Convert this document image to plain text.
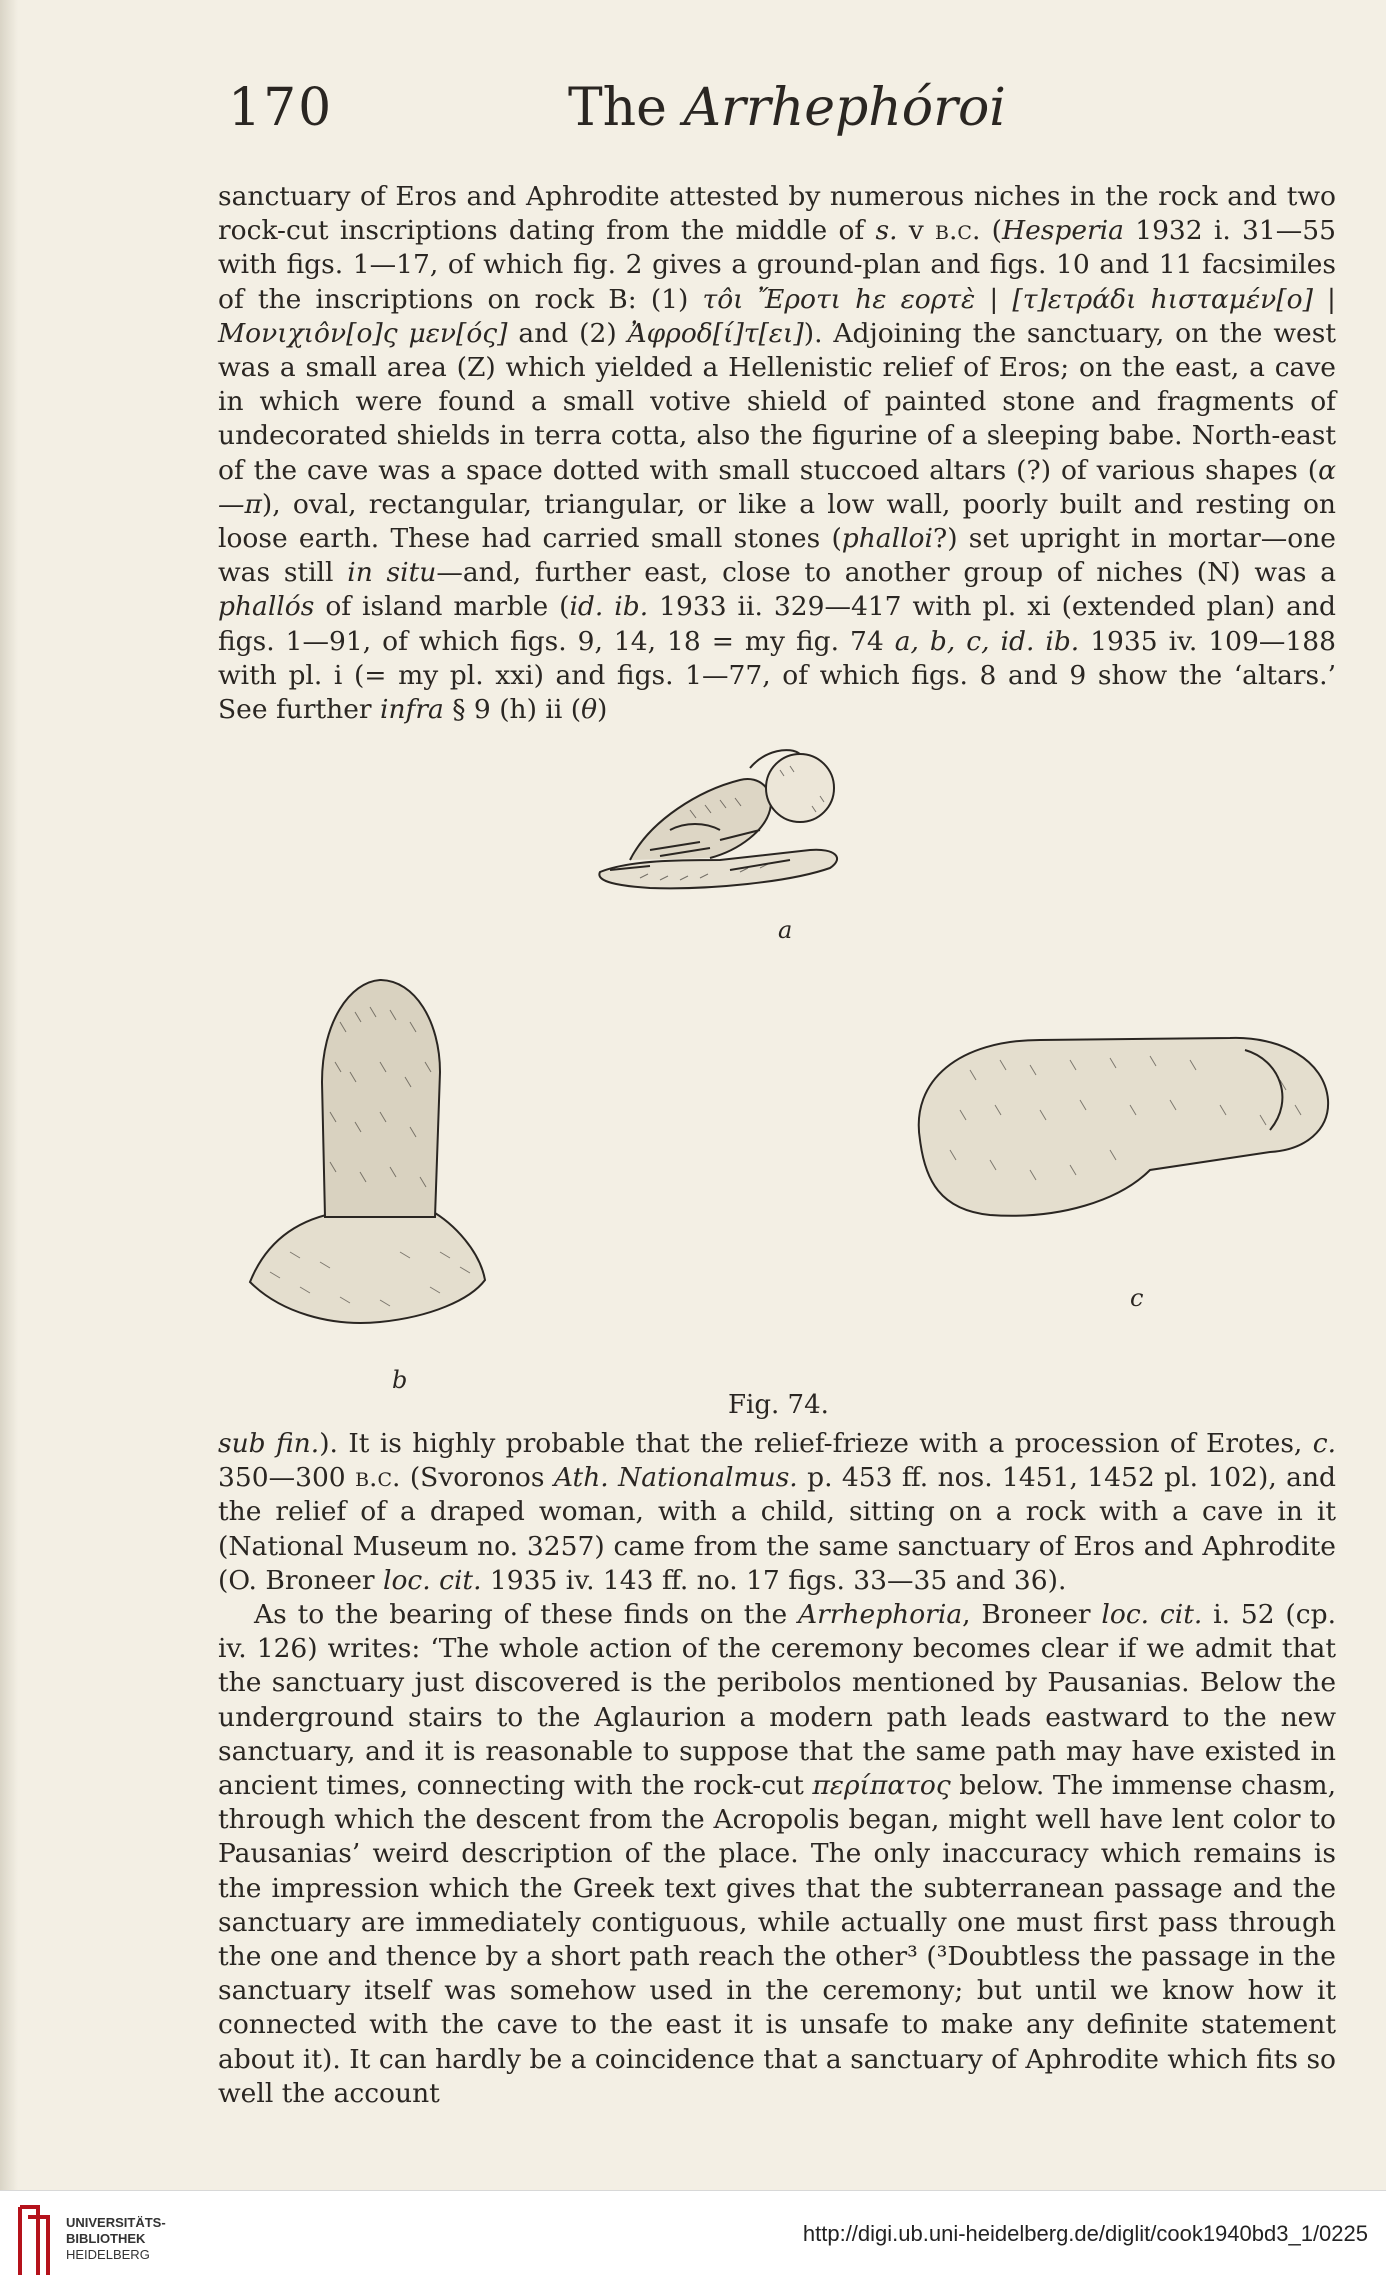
170	The Arrhephóroi

sanctuary of Eros and Aphrodite attested by numerous niches in the rock and two rock-cut inscriptions dating from the middle of s. v b.c. (Hesperia 1932 i. 31—55 with figs. 1—17, of which fig. 2 gives a ground-plan and figs. 10 and 11 facsimiles of the inscriptions on rock B: (1) τôι Ἔροτι hε εορτὲ | [τ]ετράδι hισταμέν[ο] | Μονιχιôν[ο]ς μεν[ός] and (2) Ἀφροδ[ί]τ[ει]). Adjoining the sanctuary, on the west was a small area (Z) which yielded a Hellenistic relief of Eros; on the east, a cave in which were found a small votive shield of painted stone and fragments of undecorated shields in terra cotta, also the figurine of a sleeping babe. North-east of the cave was a space dotted with small stuccoed altars (?) of various shapes (α—π), oval, rectangular, triangular, or like a low wall, poorly built and resting on loose earth. These had carried small stones (phalloi?) set upright in mortar—one was still in situ—and, further east, close to another group of niches (N) was a phallós of island marble (id. ib. 1933 ii. 329—417 with pl. xi (extended plan) and figs. 1—91, of which figs. 9, 14, 18 = my fig. 74 a, b, c, id. ib. 1935 iv. 109—188 with pl. i (= my pl. xxi) and figs. 1—77, of which figs. 8 and 9 show the ‘altars.’ See further infra § 9 (h) ii (θ)

a
b
c
Fig. 74.

sub fin.). It is highly probable that the relief-frieze with a procession of Erotes, c. 350—300 b.c. (Svoronos Ath. Nationalmus. p. 453 ff. nos. 1451, 1452 pl. 102), and the relief of a draped woman, with a child, sitting on a rock with a cave in it (National Museum no. 3257) came from the same sanctuary of Eros and Aphrodite (O. Broneer loc. cit. 1935 iv. 143 ff. no. 17 figs. 33—35 and 36).

As to the bearing of these finds on the Arrhephoria, Broneer loc. cit. i. 52 (cp. iv. 126) writes: ‘The whole action of the ceremony becomes clear if we admit that the sanctuary just discovered is the peribolos mentioned by Pausanias. Below the underground stairs to the Aglaurion a modern path leads eastward to the new sanctuary, and it is reasonable to suppose that the same path may have existed in ancient times, connecting with the rock-cut περίπατος below. The immense chasm, through which the descent from the Acropolis began, might well have lent color to Pausanias’ weird description of the place. The only inaccuracy which remains is the impression which the Greek text gives that the subterranean passage and the sanctuary are immediately contiguous, while actually one must first pass through the one and thence by a short path reach the other³ (³Doubtless the passage in the sanctuary itself was somehow used in the ceremony; but until we know how it connected with the cave to the east it is unsafe to make any definite statement about it). It can hardly be a coincidence that a sanctuary of Aphrodite which fits so well the account

UNIVERSITÄTS-
BIBLIOTHEK
HEIDELBERG
http://digi.ub.uni-heidelberg.de/diglit/cook1940bd3_1/0225
